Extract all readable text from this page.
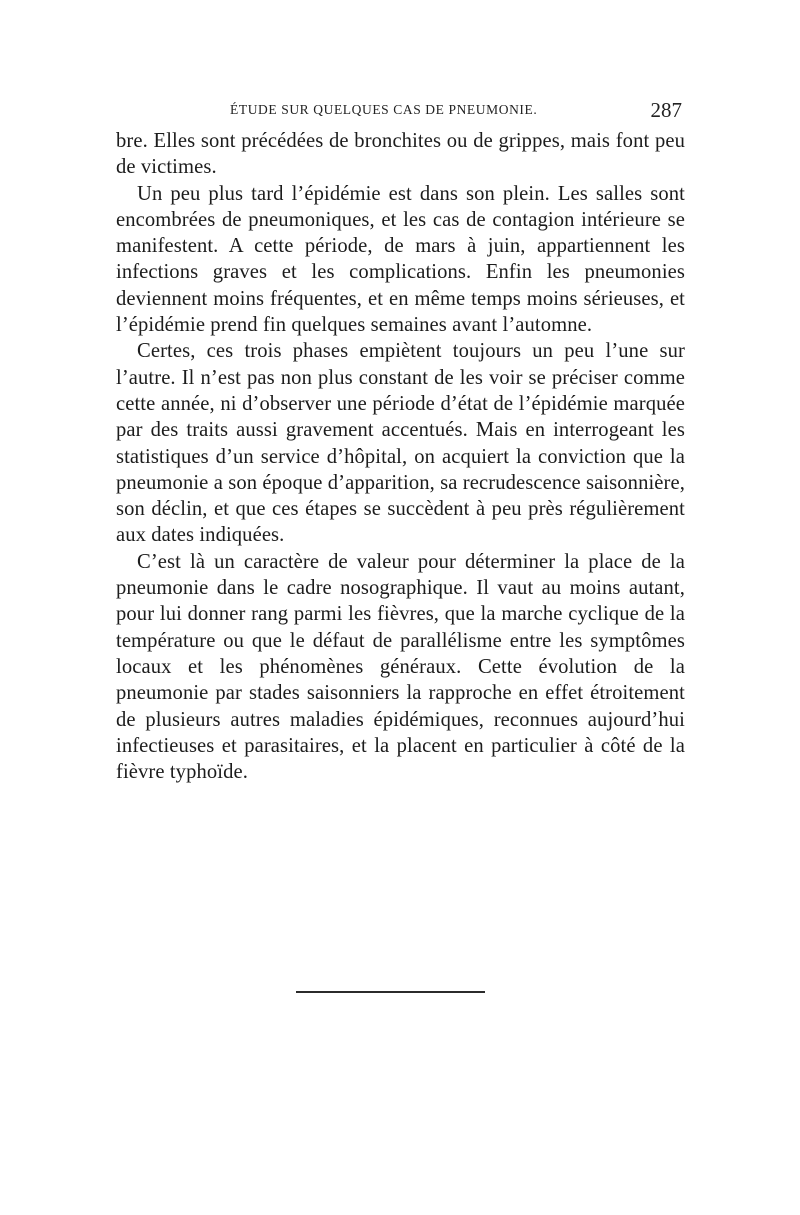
ÉTUDE SUR QUELQUES CAS DE PNEUMONIE.	287

bre. Elles sont précédées de bronchites ou de grippes, mais font peu de victimes.

Un peu plus tard l’épidémie est dans son plein. Les salles sont encombrées de pneumoniques, et les cas de contagion intérieure se manifestent. A cette période, de mars à juin, appartiennent les infections graves et les complications. Enfin les pneumonies deviennent moins fréquentes, et en même temps moins sérieuses, et l’épidémie prend fin quelques semaines avant l’automne.

Certes, ces trois phases empiètent toujours un peu l’une sur l’autre. Il n’est pas non plus constant de les voir se préciser comme cette année, ni d’observer une période d’état de l’épidémie marquée par des traits aussi gravement accentués. Mais en interrogeant les statistiques d’un service d’hôpital, on acquiert la conviction que la pneumonie a son époque d’apparition, sa recrudescence saisonnière, son déclin, et que ces étapes se succèdent à peu près régulièrement aux dates indiquées.

C’est là un caractère de valeur pour déterminer la place de la pneumonie dans le cadre nosographique. Il vaut au moins autant, pour lui donner rang parmi les fièvres, que la marche cyclique de la température ou que le défaut de parallélisme entre les symptômes locaux et les phénomènes généraux. Cette évolution de la pneumonie par stades saisonniers la rapproche en effet étroitement de plusieurs autres maladies épidémiques, reconnues aujourd’hui infectieuses et parasitaires, et la placent en particulier à côté de la fièvre typhoïde.
